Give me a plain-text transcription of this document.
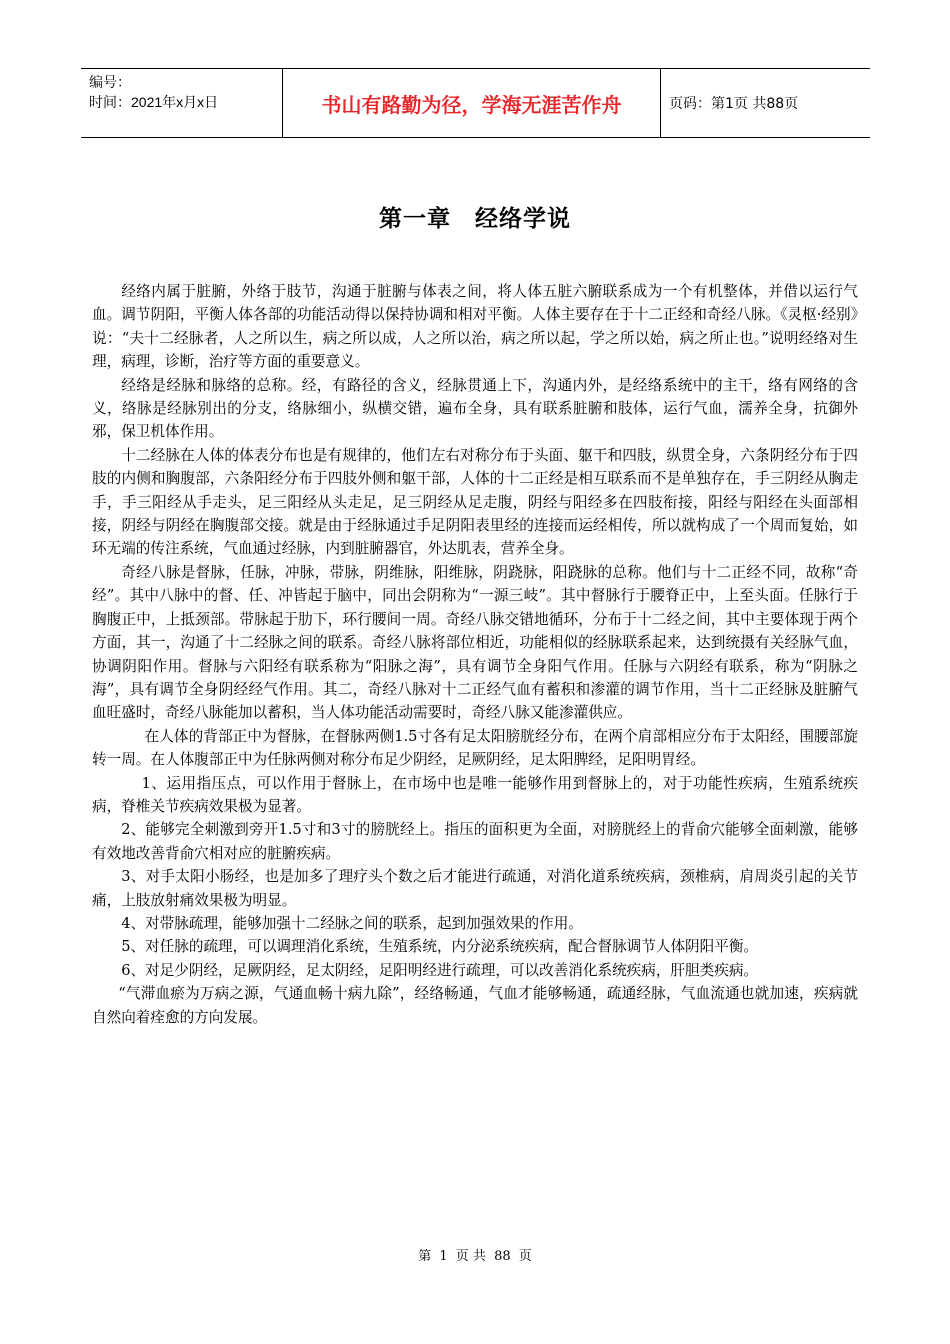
编号：
时间：2021年x月x日	书山有路勤为径，学海无涯苦作舟	页码：第1页 共88页
第一章 经络学说

经络内属于脏腑，外络于肢节，沟通于脏腑与体表之间，将人体五脏六腑联系成为一个有机整体，并借以运行气血。调节阴阳，平衡人体各部的功能活动得以保持协调和相对平衡。人体主要存在于十二正经和奇经八脉。《灵枢·经别》说：“夫十二经脉者，人之所以生，病之所以成，人之所以治，病之所以起，学之所以始，病之所止也。”说明经络对生理，病理，诊断，治疗等方面的重要意义。

经络是经脉和脉络的总称。经，有路径的含义，经脉贯通上下，沟通内外，是经络系统中的主干，络有网络的含义，络脉是经脉别出的分支，络脉细小，纵横交错，遍布全身，具有联系脏腑和肢体，运行气血，濡养全身，抗御外邪，保卫机体作用。

十二经脉在人体的体表分布也是有规律的，他们左右对称分布于头面、躯干和四肢，纵贯全身，六条阴经分布于四肢的内侧和胸腹部，六条阳经分布于四肢外侧和躯干部，人体的十二正经是相互联系而不是单独存在，手三阴经从胸走手，手三阳经从手走头，足三阳经从头走足，足三阴经从足走腹，阴经与阳经多在四肢衔接，阳经与阳经在头面部相接，阴经与阴经在胸腹部交接。就是由于经脉通过手足阴阳表里经的连接而运经相传，所以就构成了一个周而复始，如环无端的传注系统，气血通过经脉，内到脏腑器官，外达肌表，营养全身。

奇经八脉是督脉，任脉，冲脉，带脉，阴维脉，阳维脉，阴跷脉，阳跷脉的总称。他们与十二正经不同，故称“奇经”。其中八脉中的督、任、冲皆起于脑中，同出会阴称为“一源三岐”。其中督脉行于腰脊正中，上至头面。任脉行于胸腹正中，上抵颈部。带脉起于肋下，环行腰间一周。奇经八脉交错地循环，分布于十二经之间，其中主要体现于两个方面，其一，沟通了十二经脉之间的联系。奇经八脉将部位相近，功能相似的经脉联系起来，达到统摄有关经脉气血，协调阴阳作用。督脉与六阳经有联系称为“阳脉之海”，具有调节全身阳气作用。任脉与六阴经有联系，称为“阴脉之海”，具有调节全身阴经经气作用。其二，奇经八脉对十二正经气血有蓄积和渗灌的调节作用，当十二正经脉及脏腑气血旺盛时，奇经八脉能加以蓄积，当人体功能活动需要时，奇经八脉又能渗灌供应。

在人体的背部正中为督脉，在督脉两侧1.5寸各有足太阳膀胱经分布，在两个肩部相应分布于太阳经，围腰部旋转一周。在人体腹部正中为任脉两侧对称分布足少阴经，足厥阴经，足太阳脾经，足阳明胃经。

1、运用指压点，可以作用于督脉上，在市场中也是唯一能够作用到督脉上的，对于功能性疾病，生殖系统疾病，脊椎关节疾病效果极为显著。

2、能够完全刺激到旁开1.5寸和3寸的膀胱经上。指压的面积更为全面，对膀胱经上的背俞穴能够全面刺激，能够有效地改善背俞穴相对应的脏腑疾病。

3、对手太阳小肠经，也是加多了理疗头个数之后才能进行疏通，对消化道系统疾病，颈椎病，肩周炎引起的关节痛，上肢放射痛效果极为明显。

4、对带脉疏理，能够加强十二经脉之间的联系，起到加强效果的作用。

5、对任脉的疏理，可以调理消化系统，生殖系统，内分泌系统疾病，配合督脉调节人体阴阳平衡。

6、对足少阴经，足厥阴经，足太阴经，足阳明经进行疏理，可以改善消化系统疾病，肝胆类疾病。

“气滞血瘀为万病之源，气通血畅十病九除”，经络畅通，气血才能够畅通，疏通经脉，气血流通也就加速，疾病就自然向着痊愈的方向发展。

第 1 页 共 88 页
